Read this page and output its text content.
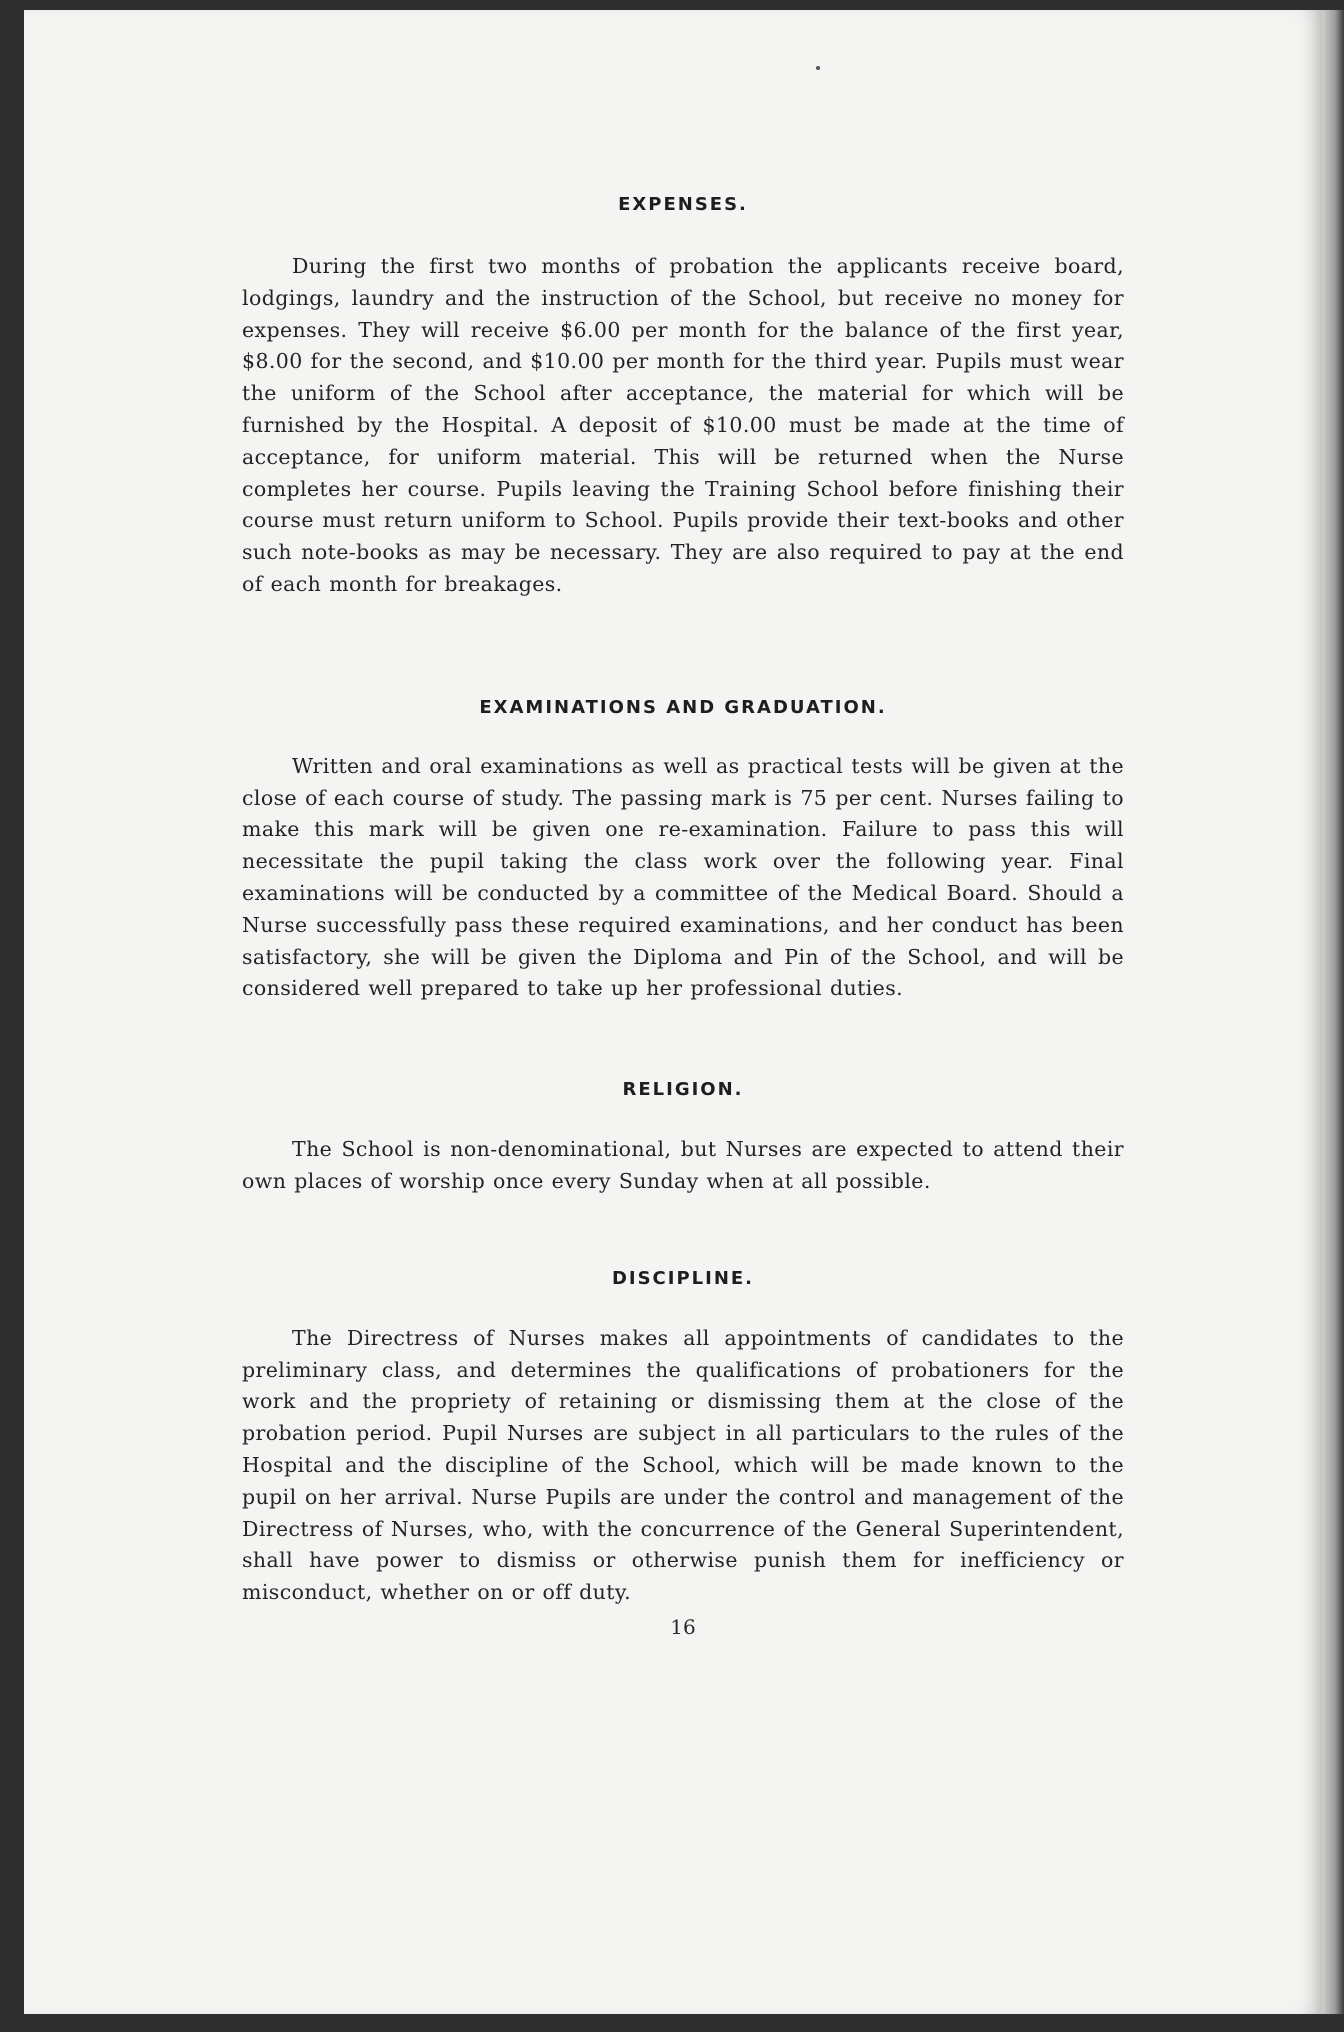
EXPENSES.

During the first two months of probation the applicants receive board, lodgings, laundry and the instruction of the School, but receive no money for expenses. They will receive $6.00 per month for the balance of the first year, $8.00 for the second, and $10.00 per month for the third year. Pupils must wear the uniform of the School after acceptance, the material for which will be furnished by the Hospital. A deposit of $10.00 must be made at the time of acceptance, for uniform material. This will be returned when the Nurse completes her course. Pupils leaving the Training School before finishing their course must return uniform to School. Pupils provide their text-books and other such note-books as may be necessary. They are also required to pay at the end of each month for breakages.

EXAMINATIONS AND GRADUATION.

Written and oral examinations as well as practical tests will be given at the close of each course of study. The passing mark is 75 per cent. Nurses failing to make this mark will be given one re-examination. Failure to pass this will necessitate the pupil taking the class work over the following year. Final examinations will be conducted by a committee of the Medical Board. Should a Nurse successfully pass these required examinations, and her conduct has been satisfactory, she will be given the Diploma and Pin of the School, and will be considered well prepared to take up her professional duties.

RELIGION.

The School is non-denominational, but Nurses are expected to attend their own places of worship once every Sunday when at all possible.

DISCIPLINE.

The Directress of Nurses makes all appointments of candidates to the preliminary class, and determines the qualifications of probationers for the work and the propriety of retaining or dismissing them at the close of the probation period. Pupil Nurses are subject in all particulars to the rules of the Hospital and the discipline of the School, which will be made known to the pupil on her arrival. Nurse Pupils are under the control and management of the Directress of Nurses, who, with the concurrence of the General Superintendent, shall have power to dismiss or otherwise punish them for inefficiency or misconduct, whether on or off duty.

16
